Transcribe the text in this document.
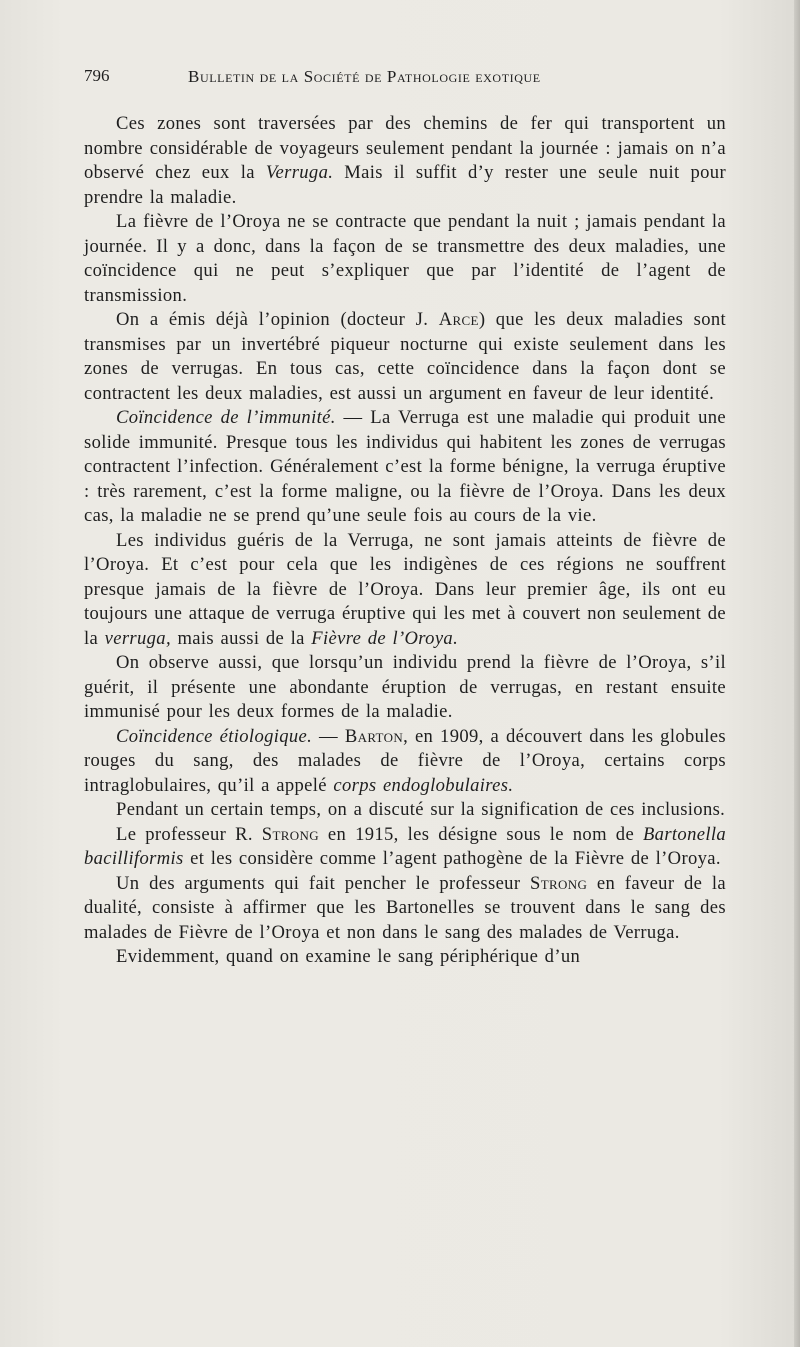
796	Bulletin de la Société de Pathologie exotique

Ces zones sont traversées par des chemins de fer qui transportent un nombre considérable de voyageurs seulement pendant la journée : jamais on n’a observé chez eux la Verruga. Mais il suffit d’y rester une seule nuit pour prendre la maladie.

La fièvre de l’Oroya ne se contracte que pendant la nuit ; jamais pendant la journée. Il y a donc, dans la façon de se transmettre des deux maladies, une coïncidence qui ne peut s’expliquer que par l’identité de l’agent de transmission.

On a émis déjà l’opinion (docteur J. Arce) que les deux maladies sont transmises par un invertébré piqueur nocturne qui existe seulement dans les zones de verrugas. En tous cas, cette coïncidence dans la façon dont se contractent les deux maladies, est aussi un argument en faveur de leur identité.

Coïncidence de l’immunité. — La Verruga est une maladie qui produit une solide immunité. Presque tous les individus qui habitent les zones de verrugas contractent l’infection. Généralement c’est la forme bénigne, la verruga éruptive : très rarement, c’est la forme maligne, ou la fièvre de l’Oroya. Dans les deux cas, la maladie ne se prend qu’une seule fois au cours de la vie.

Les individus guéris de la Verruga, ne sont jamais atteints de fièvre de l’Oroya. Et c’est pour cela que les indigènes de ces régions ne souffrent presque jamais de la fièvre de l’Oroya. Dans leur premier âge, ils ont eu toujours une attaque de verruga éruptive qui les met à couvert non seulement de la verruga, mais aussi de la Fièvre de l’Oroya.

On observe aussi, que lorsqu’un individu prend la fièvre de l’Oroya, s’il guérit, il présente une abondante éruption de verrugas, en restant ensuite immunisé pour les deux formes de la maladie.

Coïncidence étiologique. — Barton, en 1909, a découvert dans les globules rouges du sang, des malades de fièvre de l’Oroya, certains corps intraglobulaires, qu’il a appelé corps endoglobulaires.

Pendant un certain temps, on a discuté sur la signification de ces inclusions.

Le professeur R. Strong en 1915, les désigne sous le nom de Bartonella bacilliformis et les considère comme l’agent pathogène de la Fièvre de l’Oroya.

Un des arguments qui fait pencher le professeur Strong en faveur de la dualité, consiste à affirmer que les Bartonelles se trouvent dans le sang des malades de Fièvre de l’Oroya et non dans le sang des malades de Verruga.

Evidemment, quand on examine le sang périphérique d’un
